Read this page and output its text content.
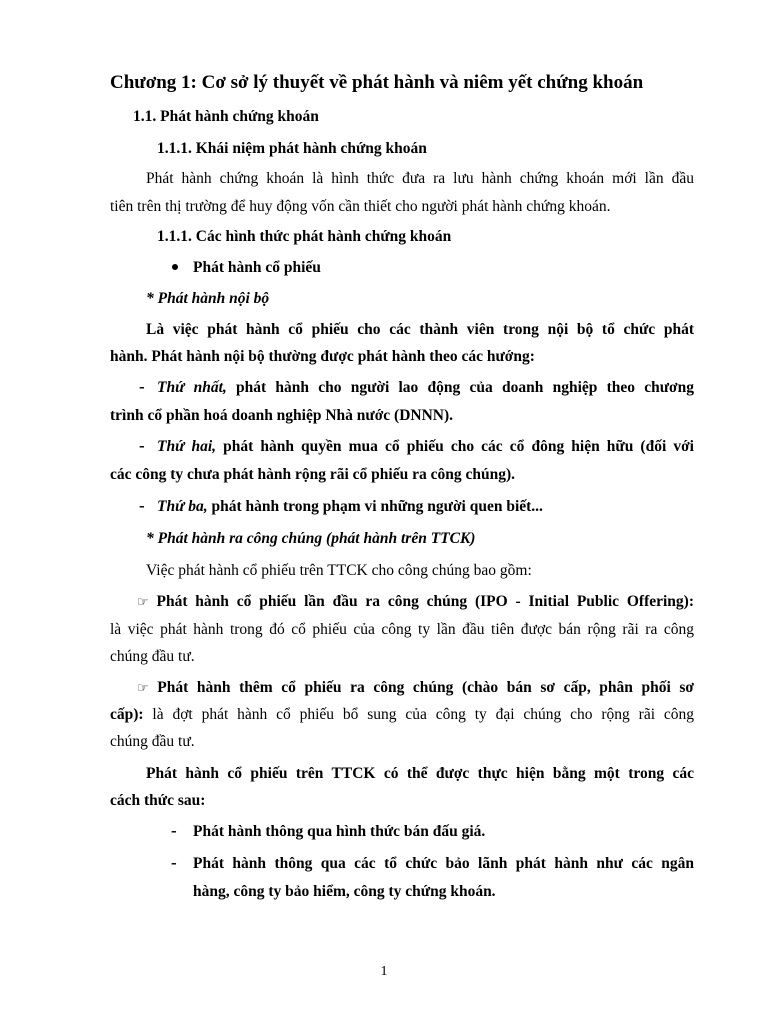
Chương 1: Cơ sở lý thuyết về phát hành và niêm yết chứng khoán
1.1. Phát hành chứng khoán
1.1.1. Khái niệm phát hành chứng khoán
Phát hành chứng khoán là hình thức đưa ra lưu hành chứng khoán mới lần đầu
tiên trên thị trường để huy động vốn cần thiết cho người phát hành chứng khoán.
1.1.1. Các hình thức phát hành chứng khoán
Phát hành cổ phiếu
* Phát hành nội bộ
Là việc phát hành cổ phiếu cho các thành viên trong nội bộ tổ chức phát
hành. Phát hành nội bộ thường được phát hành theo các hướng:
- Thứ nhất, phát hành cho người lao động của doanh nghiệp theo chương
trình cổ phần hoá doanh nghiệp Nhà nước (DNNN).
- Thứ hai, phát hành quyền mua cổ phiếu cho các cổ đông hiện hữu (đối với
các công ty chưa phát hành rộng rãi cổ phiếu ra công chúng).
- Thứ ba, phát hành trong phạm vi những người quen biết...
* Phát hành ra công chúng (phát hành trên TTCK)
Việc phát hành cổ phiếu trên TTCK cho công chúng bao gồm:
☞ Phát hành cổ phiếu lần đầu ra công chúng (IPO - Initial Public Offering):
là việc phát hành trong đó cổ phiếu của công ty lần đầu tiên được bán rộng rãi ra công
chúng đầu tư.
☞ Phát hành thêm cổ phiếu ra công chúng (chào bán sơ cấp, phân phối sơ
cấp): là đợt phát hành cổ phiếu bổ sung của công ty đại chúng cho rộng rãi công
chúng đầu tư.
Phát hành cổ phiếu trên TTCK có thể được thực hiện bằng một trong các
cách thức sau:
- Phát hành thông qua hình thức bán đấu giá.
- Phát hành thông qua các tổ chức bảo lãnh phát hành như các ngân
hàng, công ty bảo hiểm, công ty chứng khoán.
1
